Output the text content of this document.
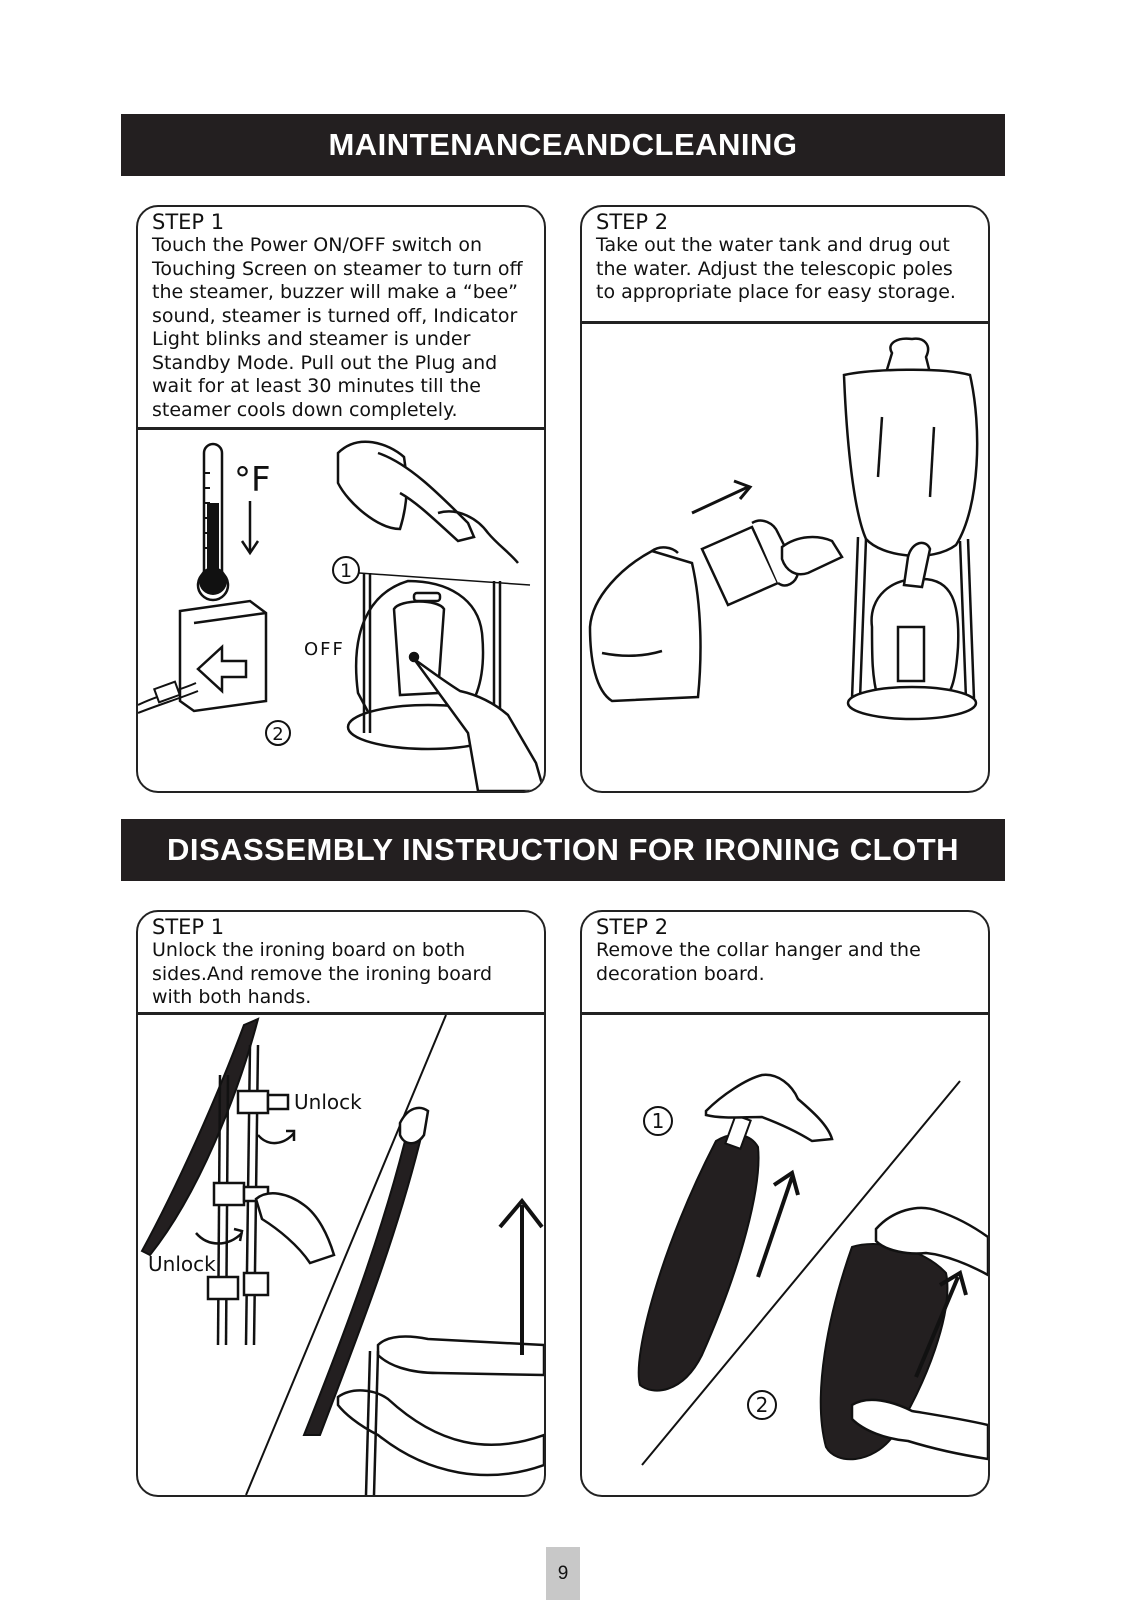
MAINTENANCEANDCLEANING
STEP 1
Touch the Power ON/OFF switch on Touching Screen on steamer to turn off the steamer, buzzer will make a “bee” sound, steamer is turned off, Indicator Light blinks and steamer is under Standby Mode. Pull out the Plug and wait for at least 30 minutes till the steamer cools down completely.
°F
2
1
OFF
STEP 2
Take out the water tank and drug out the water. Adjust the telescopic poles to appropriate place for easy storage.
DISASSEMBLY INSTRUCTION FOR IRONING CLOTH
STEP 1
Unlock the ironing board on both sides.And remove the ironing board with both hands.
Unlock
Unlock
STEP 2
Remove the collar hanger and the decoration board.
1
2
9
